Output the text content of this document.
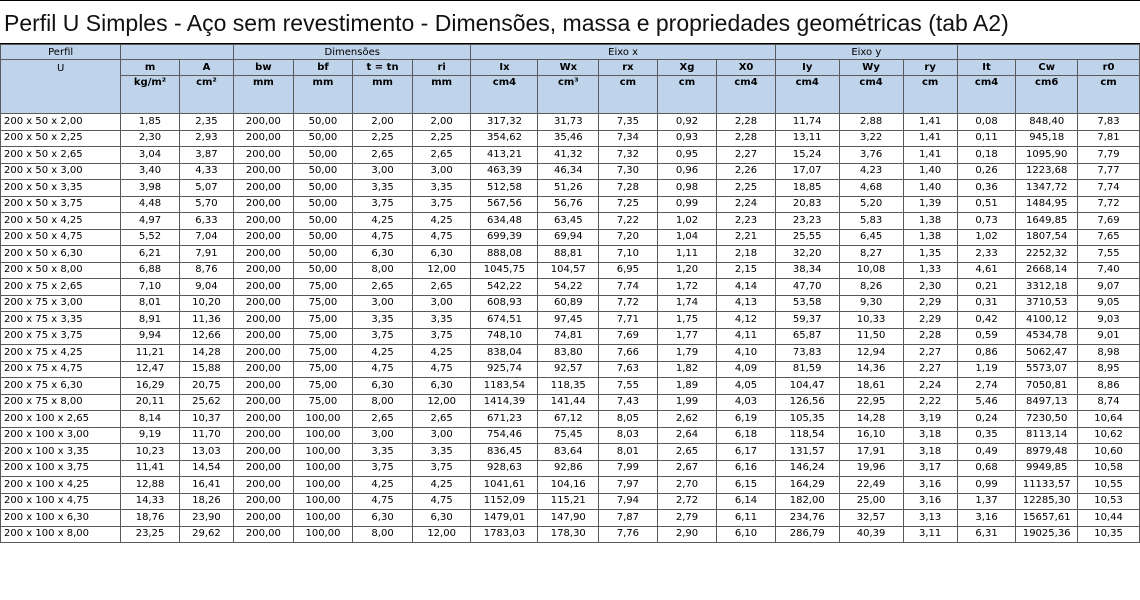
Perfil U Simples - Aço sem revestimento - Dimensões, massa e propriedades geométricas (tab A2)
Perfil			Dimensões				Eixo x					Eixo y					
U	m	A	bw	bf	t = tn	ri	Ix	Wx	rx	Xg	X0	Iy	Wy	ry	It	Cw	r0
	kg/m²	cm²	mm	mm	mm	mm	cm4	cm³	cm	cm	cm4	cm4	cm4	cm	cm4	cm6	cm
200 x 50 x 2,00	1,85	2,35	200,00	50,00	2,00	2,00	317,32	31,73	7,35	0,92	2,28	11,74	2,88	1,41	0,08	848,40	7,83
200 x 50 x 2,25	2,30	2,93	200,00	50,00	2,25	2,25	354,62	35,46	7,34	0,93	2,28	13,11	3,22	1,41	0,11	945,18	7,81
200 x 50 x 2,65	3,04	3,87	200,00	50,00	2,65	2,65	413,21	41,32	7,32	0,95	2,27	15,24	3,76	1,41	0,18	1095,90	7,79
200 x 50 x 3,00	3,40	4,33	200,00	50,00	3,00	3,00	463,39	46,34	7,30	0,96	2,26	17,07	4,23	1,40	0,26	1223,68	7,77
200 x 50 x 3,35	3,98	5,07	200,00	50,00	3,35	3,35	512,58	51,26	7,28	0,98	2,25	18,85	4,68	1,40	0,36	1347,72	7,74
200 x 50 x 3,75	4,48	5,70	200,00	50,00	3,75	3,75	567,56	56,76	7,25	0,99	2,24	20,83	5,20	1,39	0,51	1484,95	7,72
200 x 50 x 4,25	4,97	6,33	200,00	50,00	4,25	4,25	634,48	63,45	7,22	1,02	2,23	23,23	5,83	1,38	0,73	1649,85	7,69
200 x 50 x 4,75	5,52	7,04	200,00	50,00	4,75	4,75	699,39	69,94	7,20	1,04	2,21	25,55	6,45	1,38	1,02	1807,54	7,65
200 x 50 x 6,30	6,21	7,91	200,00	50,00	6,30	6,30	888,08	88,81	7,10	1,11	2,18	32,20	8,27	1,35	2,33	2252,32	7,55
200 x 50 x 8,00	6,88	8,76	200,00	50,00	8,00	12,00	1045,75	104,57	6,95	1,20	2,15	38,34	10,08	1,33	4,61	2668,14	7,40
200 x 75 x 2,65	7,10	9,04	200,00	75,00	2,65	2,65	542,22	54,22	7,74	1,72	4,14	47,70	8,26	2,30	0,21	3312,18	9,07
200 x 75 x 3,00	8,01	10,20	200,00	75,00	3,00	3,00	608,93	60,89	7,72	1,74	4,13	53,58	9,30	2,29	0,31	3710,53	9,05
200 x 75 x 3,35	8,91	11,36	200,00	75,00	3,35	3,35	674,51	97,45	7,71	1,75	4,12	59,37	10,33	2,29	0,42	4100,12	9,03
200 x 75 x 3,75	9,94	12,66	200,00	75,00	3,75	3,75	748,10	74,81	7,69	1,77	4,11	65,87	11,50	2,28	0,59	4534,78	9,01
200 x 75 x 4,25	11,21	14,28	200,00	75,00	4,25	4,25	838,04	83,80	7,66	1,79	4,10	73,83	12,94	2,27	0,86	5062,47	8,98
200 x 75 x 4,75	12,47	15,88	200,00	75,00	4,75	4,75	925,74	92,57	7,63	1,82	4,09	81,59	14,36	2,27	1,19	5573,07	8,95
200 x 75 x 6,30	16,29	20,75	200,00	75,00	6,30	6,30	1183,54	118,35	7,55	1,89	4,05	104,47	18,61	2,24	2,74	7050,81	8,86
200 x 75 x 8,00	20,11	25,62	200,00	75,00	8,00	12,00	1414,39	141,44	7,43	1,99	4,03	126,56	22,95	2,22	5,46	8497,13	8,74
200 x 100 x 2,65	8,14	10,37	200,00	100,00	2,65	2,65	671,23	67,12	8,05	2,62	6,19	105,35	14,28	3,19	0,24	7230,50	10,64
200 x 100 x 3,00	9,19	11,70	200,00	100,00	3,00	3,00	754,46	75,45	8,03	2,64	6,18	118,54	16,10	3,18	0,35	8113,14	10,62
200 x 100 x 3,35	10,23	13,03	200,00	100,00	3,35	3,35	836,45	83,64	8,01	2,65	6,17	131,57	17,91	3,18	0,49	8979,48	10,60
200 x 100 x 3,75	11,41	14,54	200,00	100,00	3,75	3,75	928,63	92,86	7,99	2,67	6,16	146,24	19,96	3,17	0,68	9949,85	10,58
200 x 100 x 4,25	12,88	16,41	200,00	100,00	4,25	4,25	1041,61	104,16	7,97	2,70	6,15	164,29	22,49	3,16	0,99	11133,57	10,55
200 x 100 x 4,75	14,33	18,26	200,00	100,00	4,75	4,75	1152,09	115,21	7,94	2,72	6,14	182,00	25,00	3,16	1,37	12285,30	10,53
200 x 100 x 6,30	18,76	23,90	200,00	100,00	6,30	6,30	1479,01	147,90	7,87	2,79	6,11	234,76	32,57	3,13	3,16	15657,61	10,44
200 x 100 x 8,00	23,25	29,62	200,00	100,00	8,00	12,00	1783,03	178,30	7,76	2,90	6,10	286,79	40,39	3,11	6,31	19025,36	10,35
